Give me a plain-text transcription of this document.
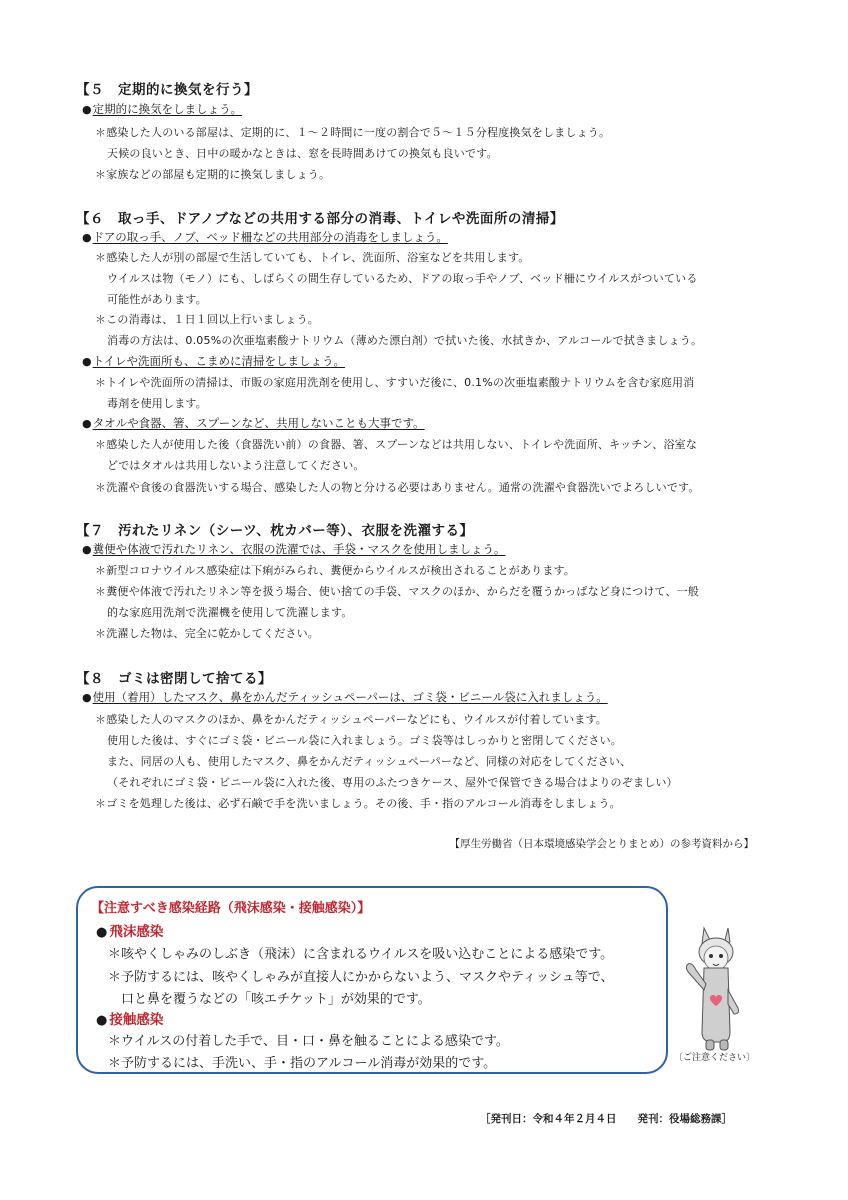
【５　定期的に換気を行う】
●定期的に換気をしましょう。
＊感染した人のいる部屋は、定期的に、１～２時間に一度の割合で５～１５分程度換気をしましょう。
天候の良いとき、日中の暖かなときは、窓を長時間あけての換気も良いです。
＊家族などの部屋も定期的に換気しましょう。
【６　取っ手、ドアノブなどの共用する部分の消毒、トイレや洗面所の清掃】
●ドアの取っ手、ノブ、ベッド柵などの共用部分の消毒をしましょう。
＊感染した人が別の部屋で生活していても、トイレ、洗面所、浴室などを共用します。
ウイルスは物（モノ）にも、しばらくの間生存しているため、ドアの取っ手やノブ、ベッド柵にウイルスがついている
可能性があります。
＊この消毒は、１日１回以上行いましょう。
消毒の方法は、0.05%の次亜塩素酸ナトリウム（薄めた漂白剤）で拭いた後、水拭きか、アルコールで拭きましょう。
●トイレや洗面所も、こまめに清掃をしましょう。
＊トイレや洗面所の清掃は、市販の家庭用洗剤を使用し、すすいだ後に、0.1%の次亜塩素酸ナトリウムを含む家庭用消
毒剤を使用します。
●タオルや食器、箸、スプーンなど、共用しないことも大事です。
＊感染した人が使用した後（食器洗い前）の食器、箸、スプーンなどは共用しない、トイレや洗面所、キッチン、浴室な
どではタオルは共用しないよう注意してください。
＊洗濯や食後の食器洗いする場合、感染した人の物と分ける必要はありません。通常の洗濯や食器洗いでよろしいです。
【７　汚れたリネン（シーツ、枕カバー等）、衣服を洗濯する】
●糞便や体液で汚れたリネン、衣服の洗濯では、手袋・マスクを使用しましょう。
＊新型コロナウイルス感染症は下痢がみられ、糞便からウイルスが検出されることがあります。
＊糞便や体液で汚れたリネン等を扱う場合、使い捨ての手袋、マスクのほか、からだを覆うかっぱなど身につけて、一般
的な家庭用洗剤で洗濯機を使用して洗濯します。
＊洗濯した物は、完全に乾かしてください。
【８　ゴミは密閉して捨てる】
●使用（着用）したマスク、鼻をかんだティッシュペーパーは、ゴミ袋・ビニール袋に入れましょう。
＊感染した人のマスクのほか、鼻をかんだティッシュペーパーなどにも、ウイルスが付着しています。
使用した後は、すぐにゴミ袋・ビニール袋に入れましょう。ゴミ袋等はしっかりと密閉してください。
また、同居の人も、使用したマスク、鼻をかんだティッシュペーパーなど、同様の対応をしてください、
（それぞれにゴミ袋・ビニール袋に入れた後、専用のふたつきケース、屋外で保管できる場合はよりのぞましい）
＊ゴミを処理した後は、必ず石鹸で手を洗いましょう。その後、手・指のアルコール消毒をしましょう。
【厚生労働省（日本環境感染学会とりまとめ）の参考資料から】
【注意すべき感染経路（飛沫感染・接触感染）】
● 飛沫感染
＊咳やくしゃみのしぶき（飛沫）に含まれるウイルスを吸い込むことによる感染です。
＊予防するには、咳やくしゃみが直接人にかからないよう、マスクやティッシュ等で、
口と鼻を覆うなどの「咳エチケット」が効果的です。
● 接触感染
＊ウイルスの付着した手で、目・口・鼻を触ることによる感染です。
＊予防するには、手洗い、手・指のアルコール消毒が効果的です。	〔ご注意ください〕
［発刊日：令和４年２月４日　　発刊：役場総務課］
